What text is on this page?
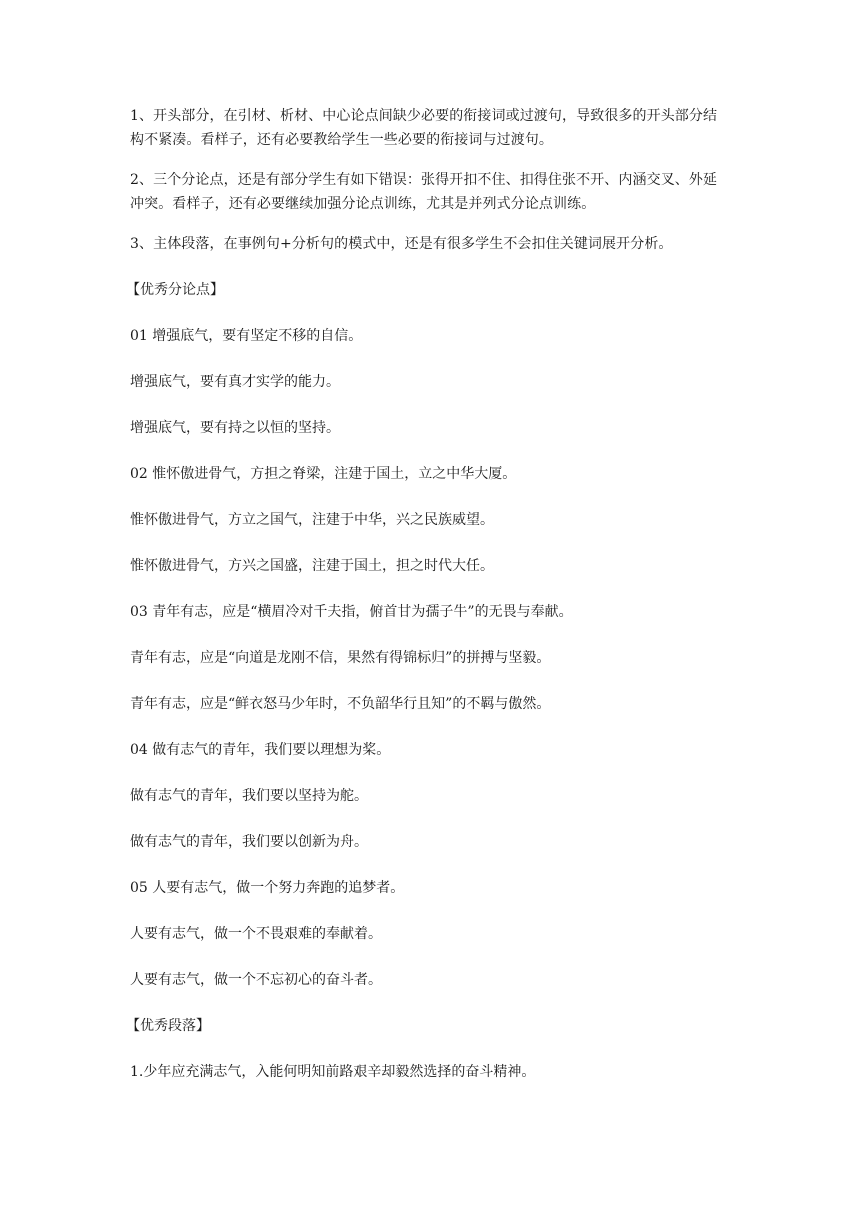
1、开头部分，在引材、析材、中心论点间缺少必要的衔接词或过渡句，导致很多的开头部分结构不紧凑。看样子，还有必要教给学生一些必要的衔接词与过渡句。

2、三个分论点，还是有部分学生有如下错误：张得开扣不住、扣得住张不开、内涵交叉、外延冲突。看样子，还有必要继续加强分论点训练，尤其是并列式分论点训练。

3、主体段落，在事例句+分析句的模式中，还是有很多学生不会扣住关键词展开分析。

【优秀分论点】

01 增强底气，要有坚定不移的自信。

增强底气，要有真才实学的能力。

增强底气，要有持之以恒的坚持。

02 惟怀傲进骨气，方担之脊梁，注建于国土，立之中华大厦。

惟怀傲进骨气，方立之国气，注建于中华，兴之民族威望。

惟怀傲进骨气，方兴之国盛，注建于国土，担之时代大任。

03 青年有志，应是“横眉冷对千夫指，俯首甘为孺子牛”的无畏与奉献。

青年有志，应是“向道是龙刚不信，果然有得锦标归”的拼搏与坚毅。

青年有志，应是“鲜衣怒马少年时，不负韶华行且知”的不羁与傲然。

04 做有志气的青年，我们要以理想为桨。

做有志气的青年，我们要以坚持为舵。

做有志气的青年，我们要以创新为舟。

05 人要有志气，做一个努力奔跑的追梦者。

人要有志气，做一个不畏艰难的奉献着。

人要有志气，做一个不忘初心的奋斗者。

【优秀段落】

1.少年应充满志气，入能何明知前路艰辛却毅然选择的奋斗精神。
